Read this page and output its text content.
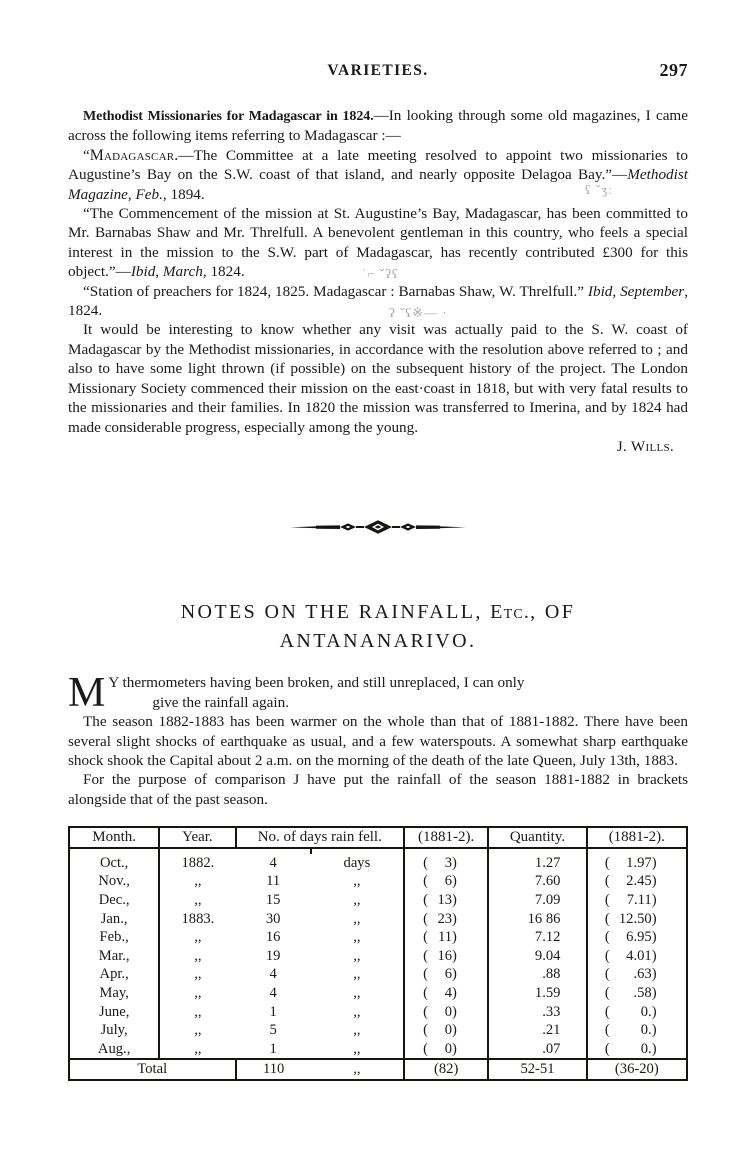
VARIETIES.	297

Methodist Missionaries for Madagascar in 1824.—In looking through some old magazines, I came across the following items referring to Madagascar :—

“Madagascar.—The Committee at a late meeting resolved to appoint two missionaries to Augustine’s Bay on the S.W. coast of that island, and nearly opposite Delagoa Bay.”—Methodist Magazine, Feb., 1894.

“The Commencement of the mission at St. Augustine’s Bay, Madagascar, has been committed to Mr. Barnabas Shaw and Mr. Threlfull. A benevolent gentleman in this country, who feels a special interest in the mission to the S.W. part of Madagascar, has recently contributed £300 for this object.”—Ibid, March, 1824.

“Station of preachers for 1824, 1825. Madagascar : Barnabas Shaw, W. Threlfull.” Ibid, September, 1824.

It would be interesting to know whether any visit was actually paid to the S. W. coast of Madagascar by the Methodist missionaries, in accordance with the resolution above referred to ; and also to have some light thrown (if possible) on the subsequent history of the project. The London Missionary Society commenced their mission on the east·coast in 1818, but with very fatal results to the missionaries and their families. In 1820 the mission was transferred to Imerina, and by 1824 had made considerable progress, especially among the young.

J. Wills.
NOTES ON THE RAINFALL, Etc., OF
ANTANANARIVO.
M Y thermometers having been broken, and still unreplaced, I can only
give the rainfall again.

The season 1882-1883 has been warmer on the whole than that of 1881-1882. There have been several slight shocks of earthquake as usual, and a few waterspouts. A somewhat sharp earthquake shock shook the Capital about 2 a.m. on the morning of the death of the late Queen, July 13th, 1883.

For the purpose of comparison J have put the rainfall of the season 1881-1882 in brackets alongside that of the past season.

Month.	Year.	No. of days rain fell.		(1881-2).	Quantity.	(1881-2).

Oct.,	1882.	4	days	( 3)	1.27	( 1.97)
Nov.,	,,	11	,,	( 6)	7.60	( 2.45)
Dec.,	,,	15	,,	( 13)	7.09	( 7.11)
Jan.,	1883.	30	,,	( 23)	16 86	( 12.50)
Feb.,	,,	16	,,	( 11)	7.12	( 6.95)
Mar.,	,,	19	,,	( 16)	9.04	( 4.01)
Apr.,	,,	4	,,	( 6)	.88	( .63)
May,	,,	4	,,	( 4)	1.59	( .58)
June,	,,	1	,,	( 0)	.33	( 0.)
July,	,,	5	,,	( 0)	.21	( 0.)
Aug.,	,,	1	,,	( 0)	.07	( 0.)
Total		110	,,	(82)	52-51	(36-20)
ʕ ˇʒː
ˈ⌐ ˇʔʕ
ʔ ˇʕ※― ·
